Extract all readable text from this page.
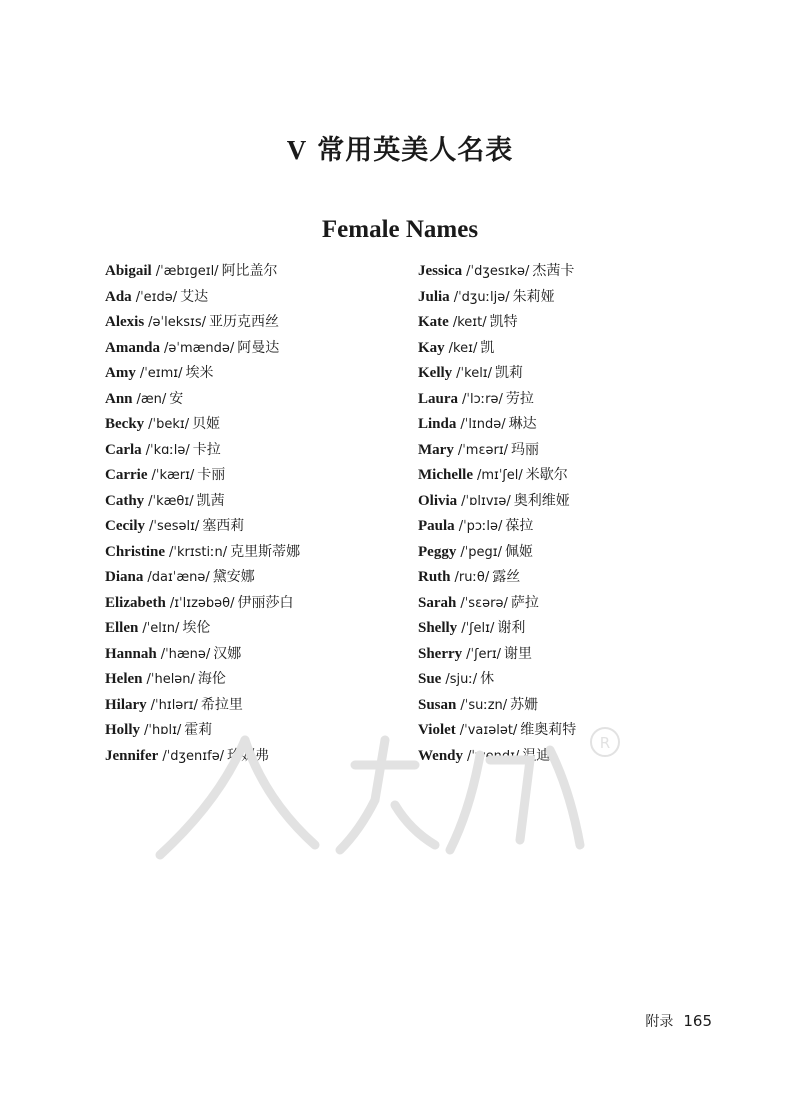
V 常用英美人名表
Female Names
Abigail /ˈæbɪgeɪl/ 阿比盖尔
Ada /ˈeɪdə/ 艾达
Alexis /əˈleksɪs/ 亚历克西丝
Amanda /əˈmændə/ 阿曼达
Amy /ˈeɪmɪ/ 埃米
Ann /æn/ 安
Becky /ˈbekɪ/ 贝姬
Carla /ˈkɑːlə/ 卡拉
Carrie /ˈkærɪ/ 卡丽
Cathy /ˈkæθɪ/ 凯茜
Cecily /ˈsesəlɪ/ 塞西莉
Christine /ˈkrɪstiːn/ 克里斯蒂娜
Diana /daɪˈænə/ 黛安娜
Elizabeth /ɪˈlɪzəbəθ/ 伊丽莎白
Ellen /ˈelɪn/ 埃伦
Hannah /ˈhænə/ 汉娜
Helen /ˈhelən/ 海伦
Hilary /ˈhɪlərɪ/ 希拉里
Holly /ˈhɒlɪ/ 霍莉
Jennifer /ˈdʒenɪfə/ 珍妮弗
Jessica /ˈdʒesɪkə/ 杰茜卡
Julia /ˈdʒuːljə/ 朱莉娅
Kate /keɪt/ 凯特
Kay /keɪ/ 凯
Kelly /ˈkelɪ/ 凯莉
Laura /ˈlɔːrə/ 劳拉
Linda /ˈlɪndə/ 琳达
Mary /ˈmɛərɪ/ 玛丽
Michelle /mɪˈʃel/ 米歇尔
Olivia /ˈɒlɪvɪə/ 奥利维娅
Paula /ˈpɔːlə/ 葆拉
Peggy /ˈpegɪ/ 佩姬
Ruth /ruːθ/ 露丝
Sarah /ˈsɛərə/ 萨拉
Shelly /ˈʃelɪ/ 谢利
Sherry /ˈʃerɪ/ 谢里
Sue /sjuː/ 休
Susan /ˈsuːzn/ 苏姗
Violet /ˈvaɪələt/ 维奥莉特
Wendy /ˈwendɪ/ 温迪
R
附录 165
